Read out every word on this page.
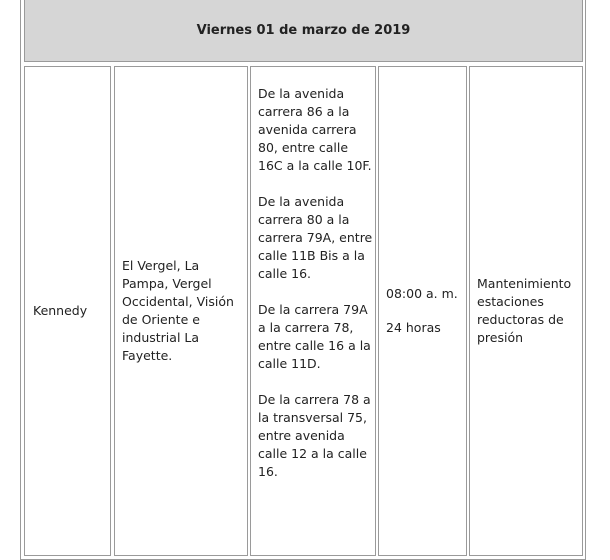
Viernes 01 de marzo de 2019

Kennedy

El Vergel, La Pampa, Vergel Occidental, Visión de Oriente e industrial La Fayette.

De la avenida carrera 86 a la avenida carrera 80, entre calle 16C a la calle 10F.

De la avenida carrera 80 a la carrera 79A, entre calle 11B Bis a la calle 16.

De la carrera 79A a la carrera 78, entre calle 16 a la calle 11D.

De la carrera 78 a la transversal 75, entre avenida calle 12 a la calle 16.

08:00 a. m.

24 horas

Mantenimiento estaciones reductoras de presión
